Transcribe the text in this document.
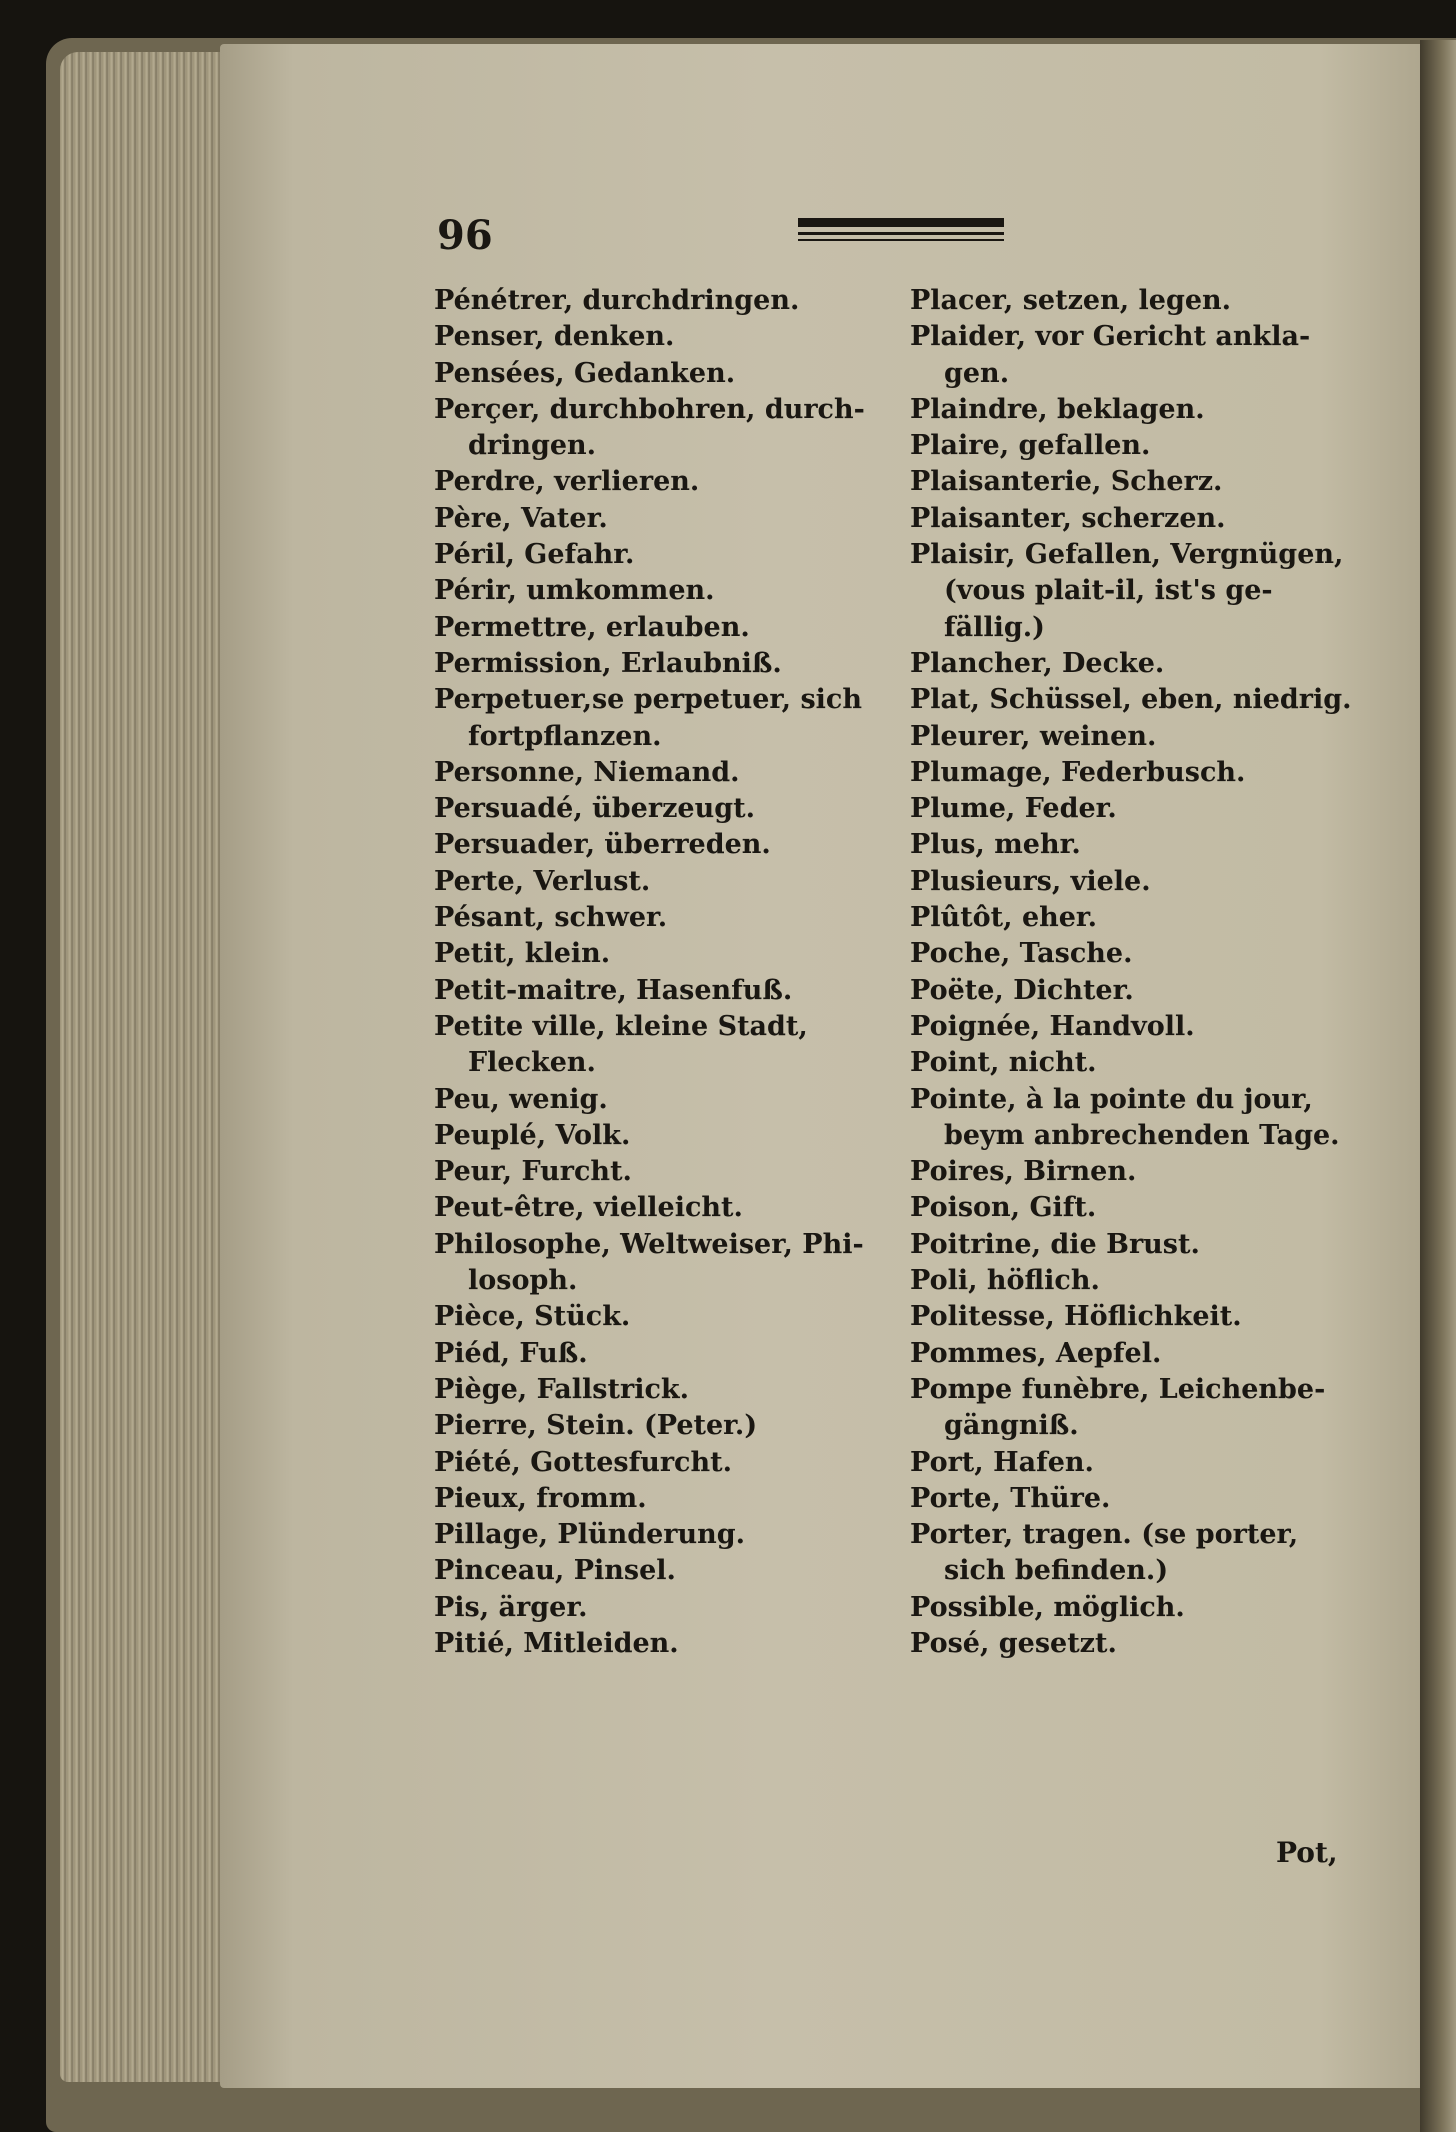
96

Pénétrer, durchdringen.
Penser, denken.
Pensées, Gedanken.
Perçer, durchbohren, durch-
dringen.
Perdre, verlieren.
Père, Vater.
Péril, Gefahr.
Périr, umkommen.
Permettre, erlauben.
Permission, Erlaubniß.
Perpetuer,se perpetuer, sich
fortpflanzen.
Personne, Niemand.
Persuadé, überzeugt.
Persuader, überreden.
Perte, Verlust.
Pésant, schwer.
Petit, klein.
Petit-maitre, Hasenfuß.
Petite ville, kleine Stadt,
Flecken.
Peu, wenig.
Peuplé, Volk.
Peur, Furcht.
Peut-être, vielleicht.
Philosophe, Weltweiser, Phi-
losoph.
Pièce, Stück.
Piéd, Fuß.
Piège, Fallstrick.
Pierre, Stein. (Peter.)
Piété, Gottesfurcht.
Pieux, fromm.
Pillage, Plünderung.
Pinceau, Pinsel.
Pis, ärger.
Pitié, Mitleiden.
Placer, setzen, legen.
Plaider, vor Gericht ankla-
gen.
Plaindre, beklagen.
Plaire, gefallen.
Plaisanterie, Scherz.
Plaisanter, scherzen.
Plaisir, Gefallen, Vergnügen,
(vous plait-il, ist's ge-
fällig.)
Plancher, Decke.
Plat, Schüssel, eben, niedrig.
Pleurer, weinen.
Plumage, Federbusch.
Plume, Feder.
Plus, mehr.
Plusieurs, viele.
Plûtôt, eher.
Poche, Tasche.
Poëte, Dichter.
Poignée, Handvoll.
Point, nicht.
Pointe, à la pointe du jour,
beym anbrechenden Tage.
Poires, Birnen.
Poison, Gift.
Poitrine, die Brust.
Poli, höflich.
Politesse, Höflichkeit.
Pommes, Aepfel.
Pompe funèbre, Leichenbe-
gängniß.
Port, Hafen.
Porte, Thüre.
Porter, tragen. (se porter,
sich befinden.)
Possible, möglich.
Posé, gesetzt.

Pot,
